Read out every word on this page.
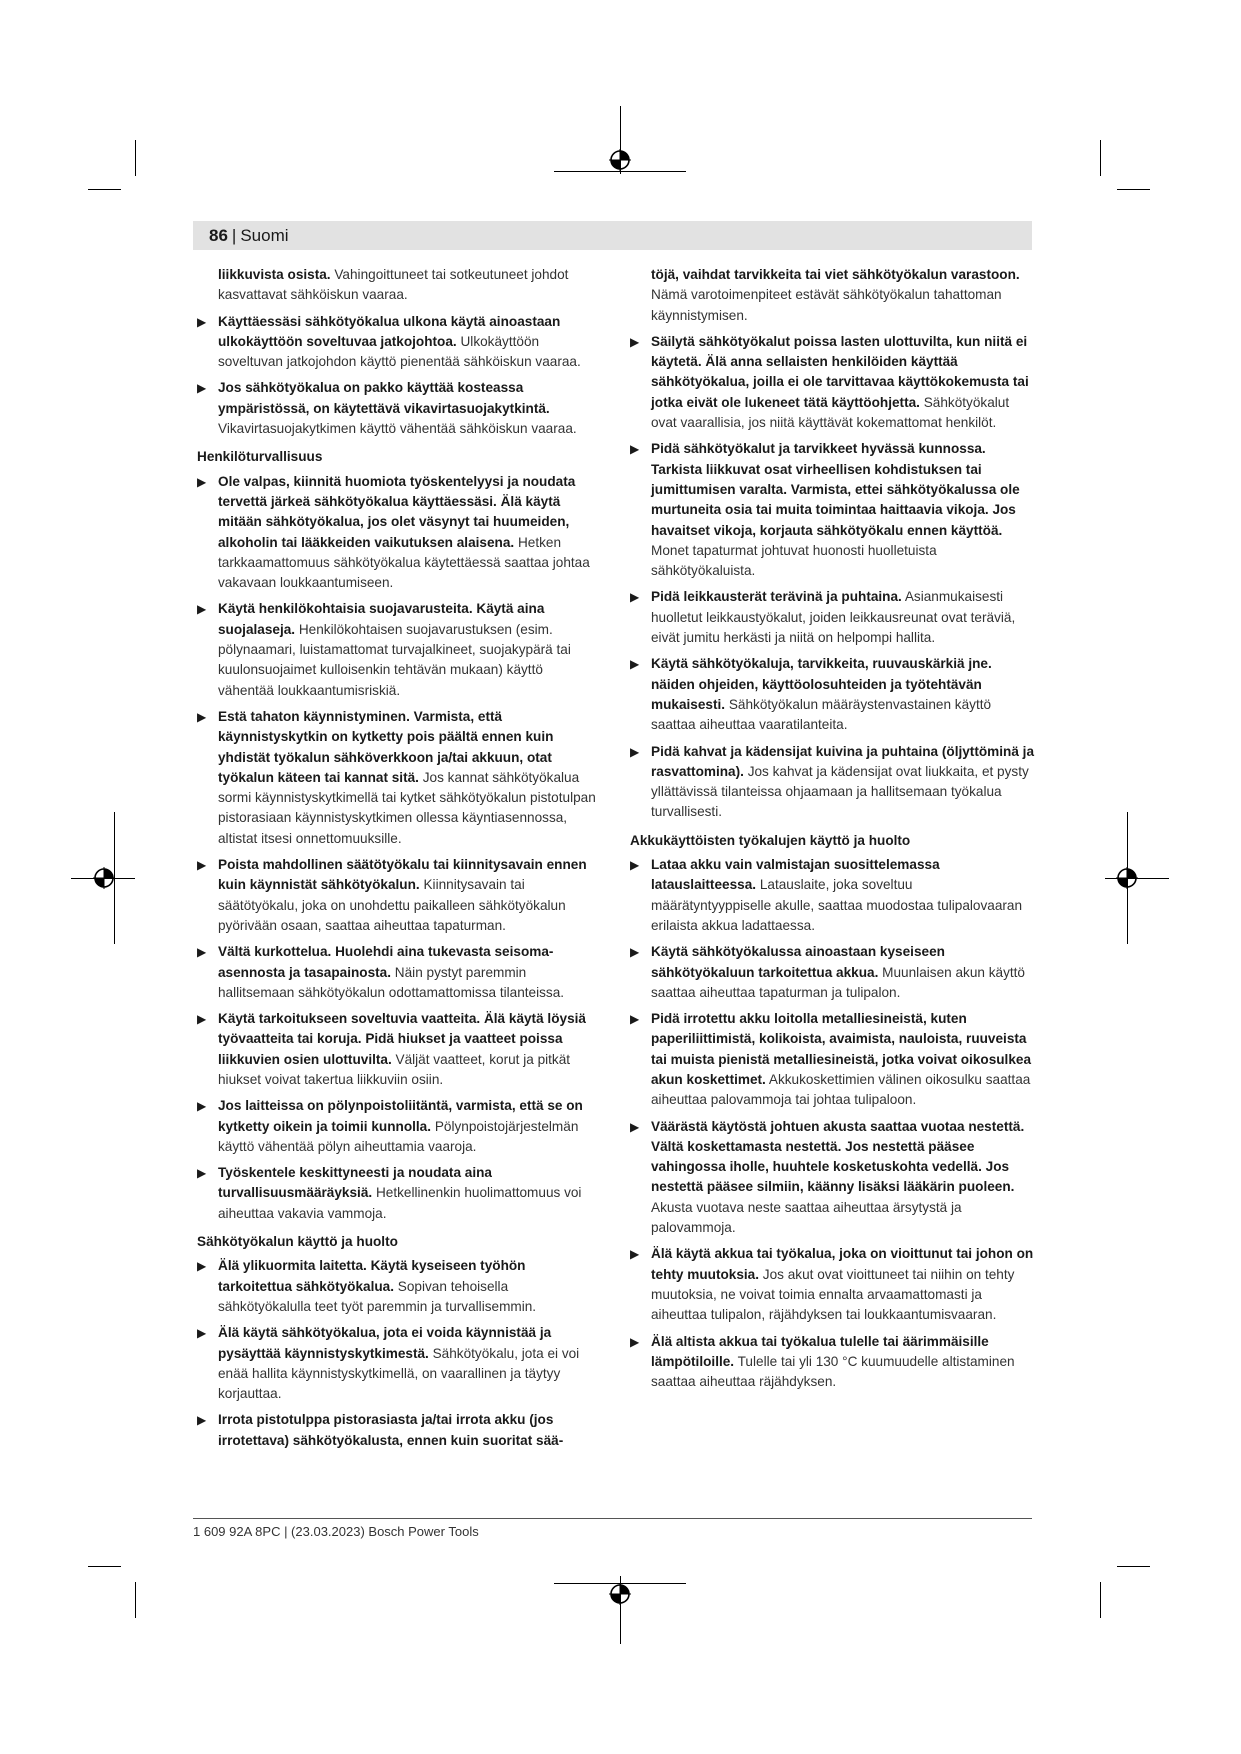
86 | Suomi
liikkuvista osista. Vahingoittuneet tai sotkeutuneet johdot kasvattavat sähköiskun vaaraa.
▶ Käyttäessäsi sähkötyökalua ulkona käytä ainoastaan ulkokäyttöön soveltuvaa jatkojohtoa. Ulkokäyttöön soveltuvan jatkojohdon käyttö pienentää sähköiskun vaaraa.
▶ Jos sähkötyökalua on pakko käyttää kosteassa ympäristössä, on käytettävä vikavirtasuojakytkintä. Vikavirtasuojakytkimen käyttö vähentää sähköiskun vaaraa.
Henkilöturvallisuus
▶ Ole valpas, kiinnitä huomiota työskentelyysi ja noudata tervettä järkeä sähkötyökalua käyttäessäsi. Älä käytä mitään sähkötyökalua, jos olet väsynyt tai huumeiden, alkoholin tai lääkkeiden vaikutuksen alaisena. Hetken tarkkaamattomuus sähkötyökalua käytettäessä saattaa johtaa vakavaan loukkaantumiseen.
▶ Käytä henkilökohtaisia suojavarusteita. Käytä aina suojalaseja. Henkilökohtaisen suojavarustuksen (esim. pölynaamari, luistamattomat turvajalkineet, suojakypärä tai kuulonsuojaimet kulloisenkin tehtävän mukaan) käyttö vähentää loukkaantumisriskiä.
▶ Estä tahaton käynnistyminen. Varmista, että käynnistyskytkin on kytketty pois päältä ennen kuin yhdistät työkalun sähköverkkoon ja/tai akkuun, otat työkalun käteen tai kannat sitä. Jos kannat sähkötyökalua sormi käynnistyskytkimellä tai kytket sähkötyökalun pistotulpan pistorasiaan käynnistyskytkimen ollessa käyntiasennossa, altistat itsesi onnettomuuksille.
▶ Poista mahdollinen säätötyökalu tai kiinnitysavain ennen kuin käynnistät sähkötyökalun. Kiinnitysavain tai säätötyökalu, joka on unohdettu paikalleen sähkötyökalun pyörivään osaan, saattaa aiheuttaa tapaturman.
▶ Vältä kurkottelua. Huolehdi aina tukevasta seisoma-asennosta ja tasapainosta. Näin pystyt paremmin hallitsemaan sähkötyökalun odottamattomissa tilanteissa.
▶ Käytä tarkoitukseen soveltuvia vaatteita. Älä käytä löysiä työvaatteita tai koruja. Pidä hiukset ja vaatteet poissa liikkuvien osien ulottuvilta. Väljät vaatteet, korut ja pitkät hiukset voivat takertua liikkuviin osiin.
▶ Jos laitteissa on pölynpoistoliitäntä, varmista, että se on kytketty oikein ja toimii kunnolla. Pölynpoistojärjestelmän käyttö vähentää pölyn aiheuttamia vaaroja.
▶ Työskentele keskittyneesti ja noudata aina turvallisuusmääräyksiä. Hetkellinenkin huolimattomuus voi aiheuttaa vakavia vammoja.
Sähkötyökalun käyttö ja huolto
▶ Älä ylikuormita laitetta. Käytä kyseiseen työhön tarkoitettua sähkötyökalua. Sopivan tehoisella sähkötyökalulla teet työt paremmin ja turvallisemmin.
▶ Älä käytä sähkötyökalua, jota ei voida käynnistää ja pysäyttää käynnistyskytkimestä. Sähkötyökalu, jota ei voi enää hallita käynnistyskytkimellä, on vaarallinen ja täytyy korjauttaa.
▶ Irrota pistotulppa pistorasiasta ja/tai irrota akku (jos irrotettava) sähkötyökalusta, ennen kuin suoritat sää-
töjä, vaihdat tarvikkeita tai viet sähkötyökalun varastoon. Nämä varotoimenpiteet estävät sähkötyökalun tahattoman käynnistymisen.
▶ Säilytä sähkötyökalut poissa lasten ulottuvilta, kun niitä ei käytetä. Älä anna sellaisten henkilöiden käyttää sähkötyökalua, joilla ei ole tarvittavaa käyttökokemusta tai jotka eivät ole lukeneet tätä käyttöohjetta. Sähkötyökalut ovat vaarallisia, jos niitä käyttävät kokemattomat henkilöt.
▶ Pidä sähkötyökalut ja tarvikkeet hyvässä kunnossa. Tarkista liikkuvat osat virheellisen kohdistuksen tai jumittumisen varalta. Varmista, ettei sähkötyökalussa ole murtuneita osia tai muita toimintaa haittaavia vikoja. Jos havaitset vikoja, korjauta sähkötyökalu ennen käyttöä. Monet tapaturmat johtuvat huonosti huolletuista sähkötyökaluista.
▶ Pidä leikkausterät terävinä ja puhtaina. Asianmukaisesti huolletut leikkaustyökalut, joiden leikkausreunat ovat teräviä, eivät jumitu herkästi ja niitä on helpompi hallita.
▶ Käytä sähkötyökaluja, tarvikkeita, ruuvauskärkiä jne. näiden ohjeiden, käyttöolosuhteiden ja työtehtävän mukaisesti. Sähkötyökalun määräystenvastainen käyttö saattaa aiheuttaa vaaratilanteita.
▶ Pidä kahvat ja kädensijat kuivina ja puhtaina (öljyttöminä ja rasvattomina). Jos kahvat ja kädensijat ovat liukkaita, et pysty yllättävissä tilanteissa ohjaamaan ja hallitsemaan työkalua turvallisesti.
Akkukäyttöisten työkalujen käyttö ja huolto
▶ Lataa akku vain valmistajan suosittelemassa latauslaitteessa. Latauslaite, joka soveltuu määrätyntyyppiselle akulle, saattaa muodostaa tulipalovaaran erilaista akkua ladattaessa.
▶ Käytä sähkötyökalussa ainoastaan kyseiseen sähkötyökaluun tarkoitettua akkua. Muunlaisen akun käyttö saattaa aiheuttaa tapaturman ja tulipalon.
▶ Pidä irrotettu akku loitolla metalliesineistä, kuten paperiliittimistä, kolikoista, avaimista, nauloista, ruuveista tai muista pienistä metalliesineistä, jotka voivat oikosulkea akun koskettimet. Akkukoskettimien välinen oikosulku saattaa aiheuttaa palovammoja tai johtaa tulipaloon.
▶ Väärästä käytöstä johtuen akusta saattaa vuotaa nestettä. Vältä koskettamasta nestettä. Jos nestettä pääsee vahingossa iholle, huuhtele kosketuskohta vedellä. Jos nestettä pääsee silmiin, käänny lisäksi lääkärin puoleen. Akusta vuotava neste saattaa aiheuttaa ärsytystä ja palovammoja.
▶ Älä käytä akkua tai työkalua, joka on vioittunut tai johon on tehty muutoksia. Jos akut ovat vioittuneet tai niihin on tehty muutoksia, ne voivat toimia ennalta arvaamattomasti ja aiheuttaa tulipalon, räjähdyksen tai loukkaantumisvaaran.
▶ Älä altista akkua tai työkalua tulelle tai äärimmäisille lämpötiloille. Tulelle tai yli 130 °C kuumuudelle altistaminen saattaa aiheuttaa räjähdyksen.
1 609 92A 8PC | (23.03.2023) Bosch Power Tools
